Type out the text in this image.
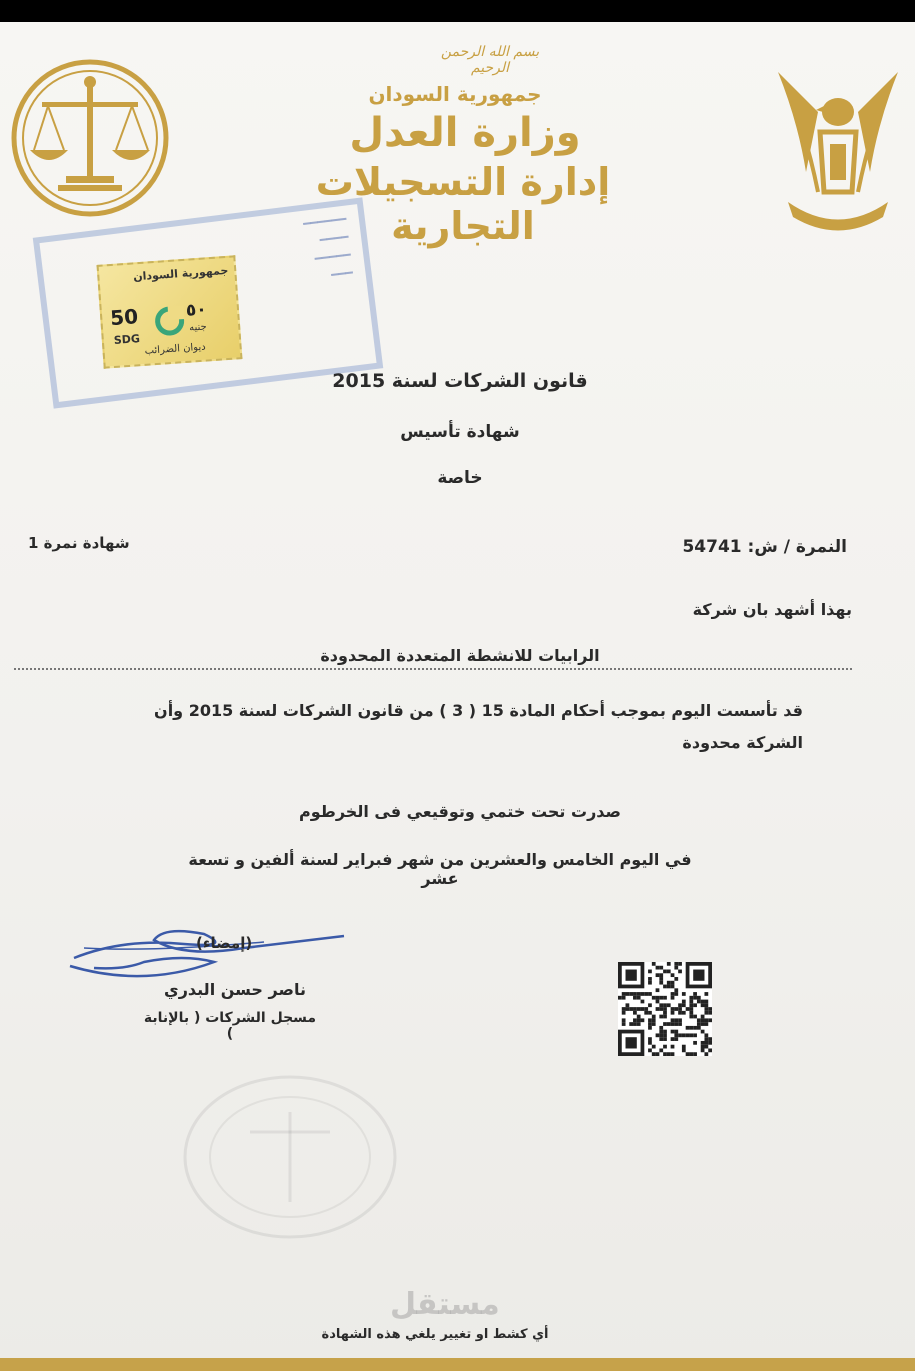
بسم الله الرحمن الرحيم
جمهورية السودان
وزارة العدل
إدارة التسجيلات التجارية
━━━━━━
━━━━
━━━━━
━━━
جمهورية السودان
50
SDG
٥٠
جنيه
ديوان الضرائب
قانون الشركات لسنة 2015
شهادة تأسيس
خاصة
النمرة / ش: 54741
شهادة نمرة 1
بهذا أشهد بان شركة
الرابيات للانشطة المتعددة المحدودة
قد تأسست اليوم بموجب أحكام المادة 15 ( 3 ) من قانون الشركات لسنة 2015 وأن الشركة محدودة
صدرت تحت ختمي وتوقيعي فى الخرطوم
في اليوم الخامس والعشرين من شهر فبراير لسنة ألفين و تسعة عشر
(إمضاء)
ناصر حسن البدري
مسجل الشركات ( بالإنابة )
مستقل
أي كشط او تغيير يلغي هذه الشهادة
